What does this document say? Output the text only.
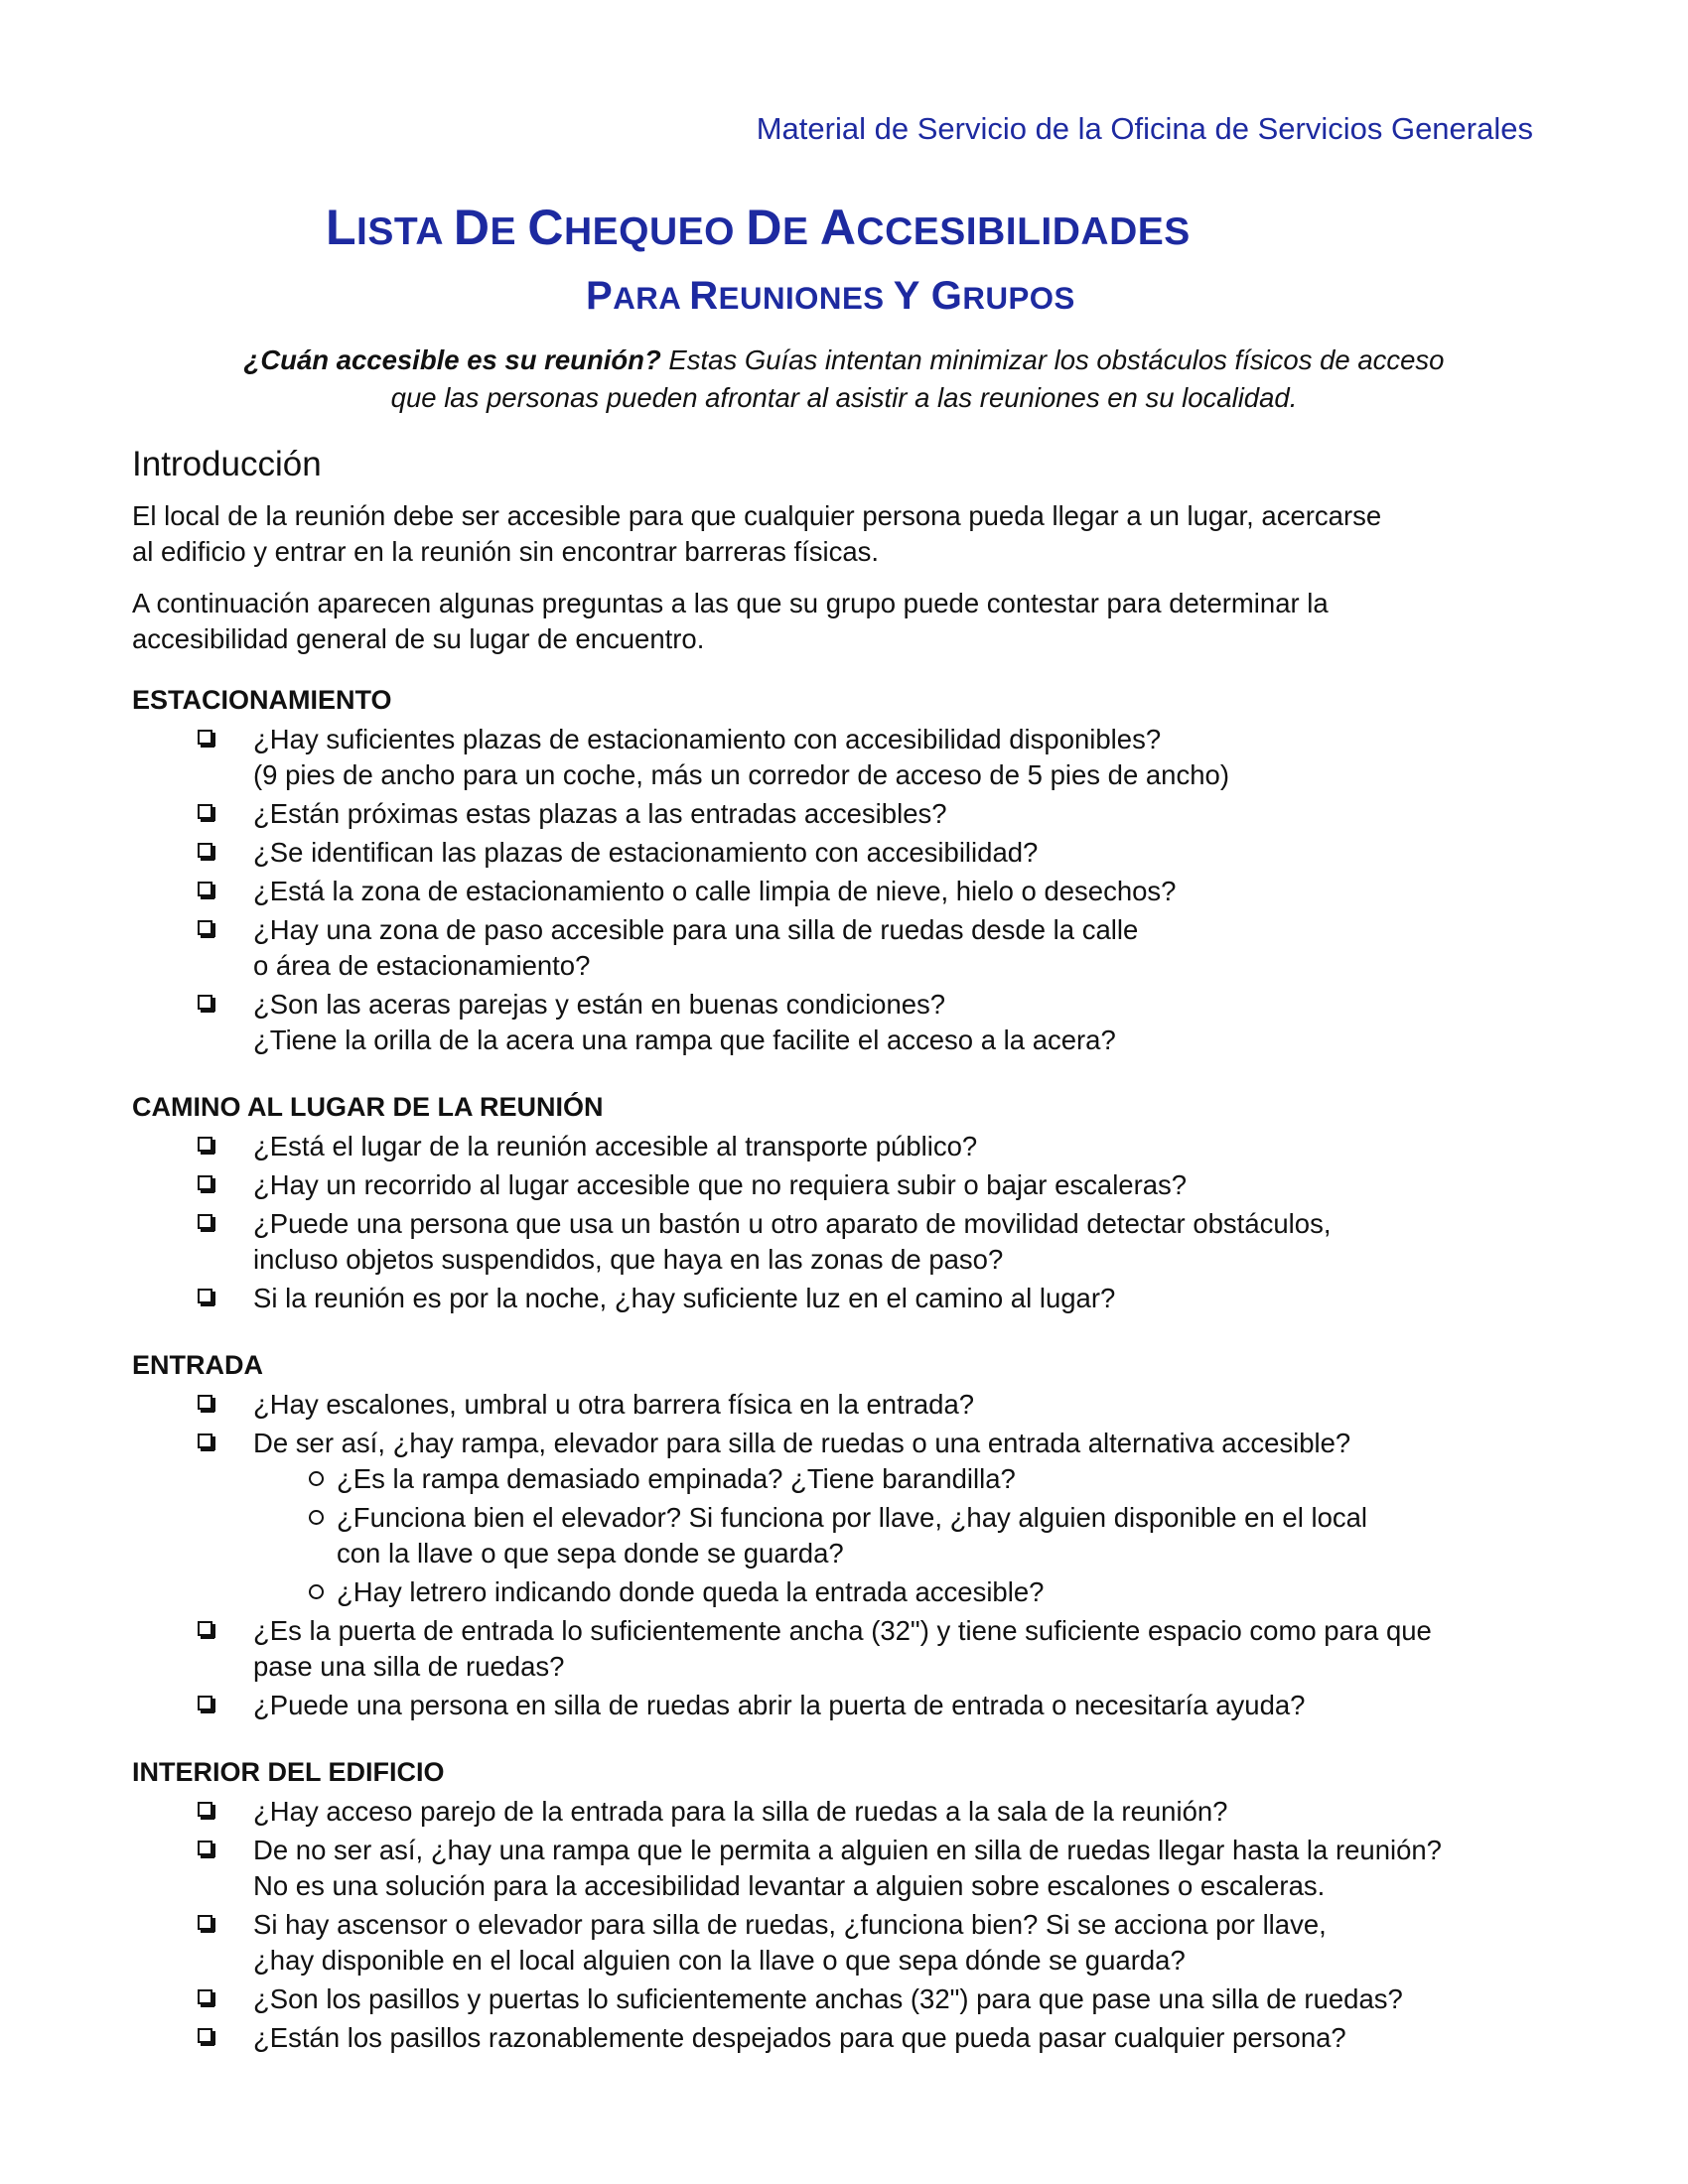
Material de Servicio de la Oficina de Servicios Generales
LISTA DE CHEQUEO DE ACCESIBILIDADES
PARA REUNIONES Y GRUPOS
¿Cuán accesible es su reunión? Estas Guías intentan minimizar los obstáculos físicos de acceso
que las personas pueden afrontar al asistir a las reuniones en su localidad.
Introducción

El local de la reunión debe ser accesible para que cualquier persona pueda llegar a un lugar, acercarse
al edificio y entrar en la reunión sin encontrar barreras físicas.

A continuación aparecen algunas preguntas a las que su grupo puede contestar para determinar la
accesibilidad general de su lugar de encuentro.

ESTACIONAMIENTO
¿Hay suficientes plazas de estacionamiento con accesibilidad disponibles?
(9 pies de ancho para un coche, más un corredor de acceso de 5 pies de ancho)
¿Están próximas estas plazas a las entradas accesibles?
¿Se identifican las plazas de estacionamiento con accesibilidad?
¿Está la zona de estacionamiento o calle limpia de nieve, hielo o desechos?
¿Hay una zona de paso accesible para una silla de ruedas desde la calle
o área de estacionamiento?
¿Son las aceras parejas y están en buenas condiciones?
¿Tiene la orilla de la acera una rampa que facilite el acceso a la acera?
CAMINO AL LUGAR DE LA REUNIÓN
¿Está el lugar de la reunión accesible al transporte público?
¿Hay un recorrido al lugar accesible que no requiera subir o bajar escaleras?
¿Puede una persona que usa un bastón u otro aparato de movilidad detectar obstáculos,
incluso objetos suspendidos, que haya en las zonas de paso?
Si la reunión es por la noche, ¿hay suficiente luz en el camino al lugar?
ENTRADA
¿Hay escalones, umbral u otra barrera física en la entrada?
De ser así, ¿hay rampa, elevador para silla de ruedas o una entrada alternativa accesible?
¿Es la rampa demasiado empinada? ¿Tiene barandilla?
¿Funciona bien el elevador? Si funciona por llave, ¿hay alguien disponible en el local
con la llave o que sepa donde se guarda?
¿Hay letrero indicando donde queda la entrada accesible?
¿Es la puerta de entrada lo suficientemente ancha (32") y tiene suficiente espacio como para que
pase una silla de ruedas?
¿Puede una persona en silla de ruedas abrir la puerta de entrada o necesitaría ayuda?
INTERIOR DEL EDIFICIO
¿Hay acceso parejo de la entrada para la silla de ruedas a la sala de la reunión?
De no ser así, ¿hay una rampa que le permita a alguien en silla de ruedas llegar hasta la reunión?
No es una solución para la accesibilidad levantar a alguien sobre escalones o escaleras.
Si hay ascensor o elevador para silla de ruedas, ¿funciona bien? Si se acciona por llave,
¿hay disponible en el local alguien con la llave o que sepa dónde se guarda?
¿Son los pasillos y puertas lo suficientemente anchas (32") para que pase una silla de ruedas?
¿Están los pasillos razonablemente despejados para que pueda pasar cualquier persona?
